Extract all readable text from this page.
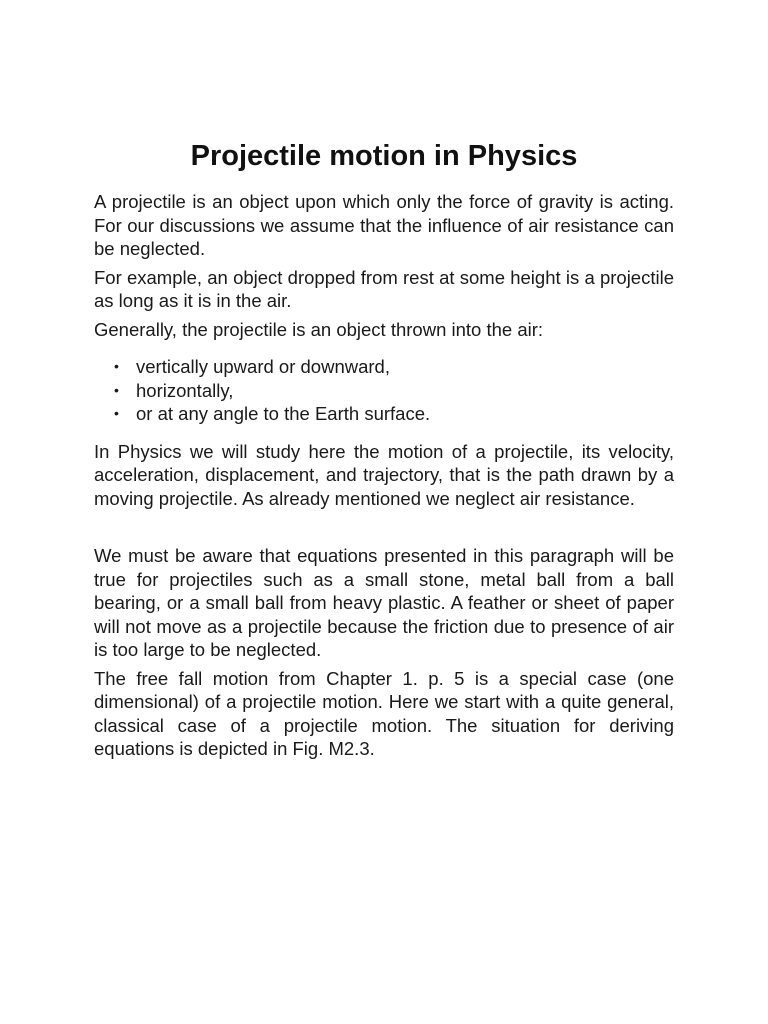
Projectile motion in Physics

A projectile is an object upon which only the force of gravity is acting. For our discussions we assume that the influence of air resistance can be neglected.

For example, an object dropped from rest at some height is a projectile as long as it is in the air.

Generally, the projectile is an object thrown into the air:

• vertically upward or downward,
• horizontally,
• or at any angle to the Earth surface.

In Physics we will study here the motion of a projectile, its velocity, acceleration, displacement, and trajectory, that is the path drawn by a moving projectile. As already mentioned we neglect air resistance.

We must be aware that equations presented in this paragraph will be true for projectiles such as a small stone, metal ball from a ball bearing, or a small ball from heavy plastic. A feather or sheet of paper will not move as a projectile because the friction due to presence of air is too large to be neglected.

The free fall motion from Chapter 1. p. 5 is a special case (one dimensional) of a projectile motion. Here we start with a quite general, classical case of a projectile motion. The situation for deriving equations is depicted in Fig. M2.3.
